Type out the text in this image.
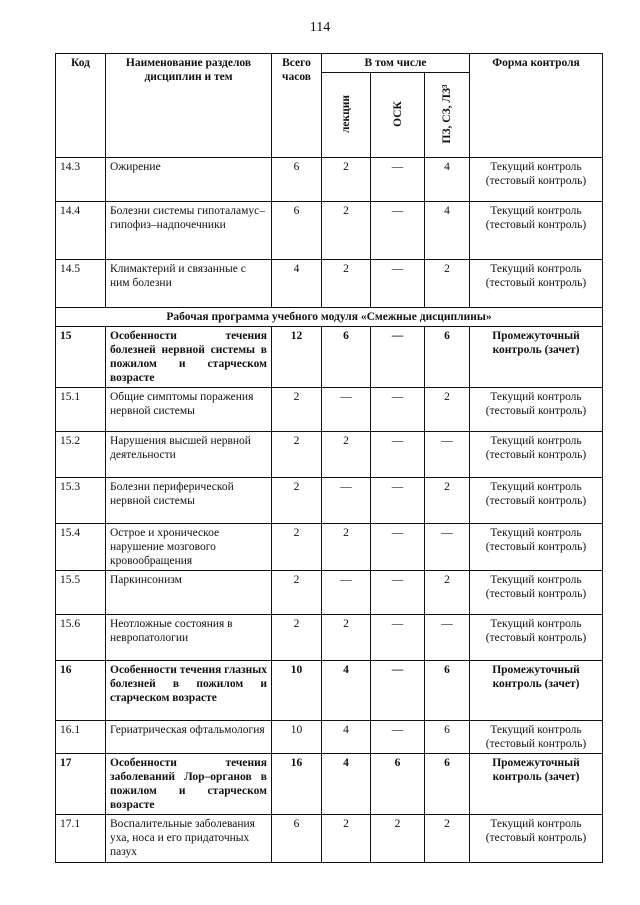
114
Код	Наименование разделов дисциплин и тем	Всего часов	В том числе			Форма контроля

			лекции	ОСК	ПЗ, СЗ, ЛЗ³	

14.3	Ожирение	6	2	—	4	Текущий контроль (тестовый контроль)
14.4	Болезни системы гипоталамус–гипофиз–надпочечники	6	2	—	4	Текущий контроль (тестовый контроль)
14.5	Климактерий и связанные с ним болезни	4	2	—	2	Текущий контроль (тестовый контроль)
Рабочая программа учебного модуля «Смежные дисциплины»						
15	Особенности течения болезней нервной системы в пожилом и старческом возрасте	12	6	—	6	Промежуточный контроль (зачет)
15.1	Общие симптомы поражения нервной системы	2	—	—	2	Текущий контроль (тестовый контроль)
15.2	Нарушения высшей нервной деятельности	2	2	—	—	Текущий контроль (тестовый контроль)
15.3	Болезни периферической нервной системы	2	—	—	2	Текущий контроль (тестовый контроль)
15.4	Острое и хроническое нарушение мозгового кровообращения	2	2	—	—	Текущий контроль (тестовый контроль)
15.5	Паркинсонизм	2	—	—	2	Текущий контроль (тестовый контроль)
15.6	Неотложные состояния в невропатологии	2	2	—	—	Текущий контроль (тестовый контроль)
16	Особенности течения глазных болезней в пожилом и старческом возрасте	10	4	—	6	Промежуточный контроль (зачет)
16.1	Гериатрическая офтальмология	10	4	—	6	Текущий контроль (тестовый контроль)
17	Особенности течения заболеваний Лор–органов в пожилом и старческом возрасте	16	4	6	6	Промежуточный контроль (зачет)
17.1	Воспалительные заболевания уха, носа и его придаточных пазух	6	2	2	2	Текущий контроль (тестовый контроль)
